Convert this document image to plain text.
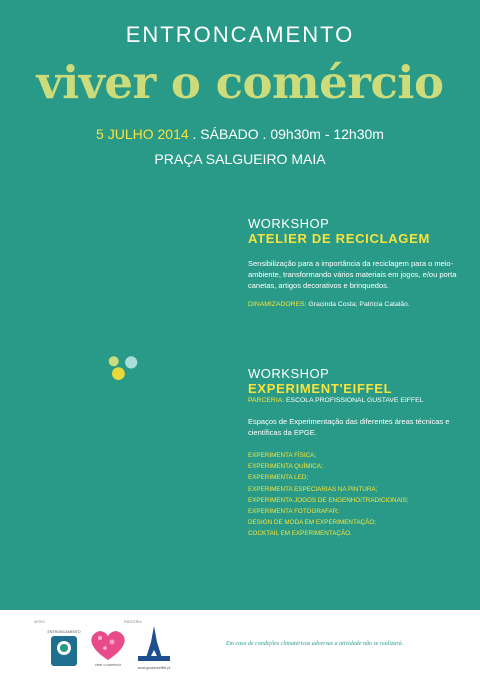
ENTRONCAMENTO
viver o comércio
5 JULHO 2014 . SÁBADO . 09h30m - 12h30m
PRAÇA SALGUEIRO MAIA
WORKSHOP
ATELIER DE RECICLAGEM
Sensibilização para a importância da reciclagem para o meio-ambiente, transformando vários materiais em jogos, e/ou porta canetas, artigos decorativos e brinquedos.
DINAMIZADORES: Gracinda Costa; Patrícia Catalão.
WORKSHOP
EXPERIMENT'EIFFEL
PARCERIA: ESCOLA PROFISSIONAL GUSTAVE EIFFEL
Espaços de Experimentação das diferentes áreas técnicas e científicas da EPGE.
EXPERIMENTA FÍSICA;
EXPERIMENTA QUÍMICA;
EXPERIMENTA LED;
EXPERIMENTA ESPECIARIAS NA PINTURA;
EXPERIMENTA JOGOS DE ENGENHO/TRADICIONAIS;
EXPERIMENTA FOTOGRAFAR;
DESIGN DE MODA EM EXPERIMENTAÇÃO;
COCKTAIL EM EXPERIMENTAÇÃO.
APOIO
ENTRONCAMENTO
viver o comércio
PARCERIA
www.gustaveeiffel.pt
Em caso de condições climatéricas adversas a atividade não se realizará.
